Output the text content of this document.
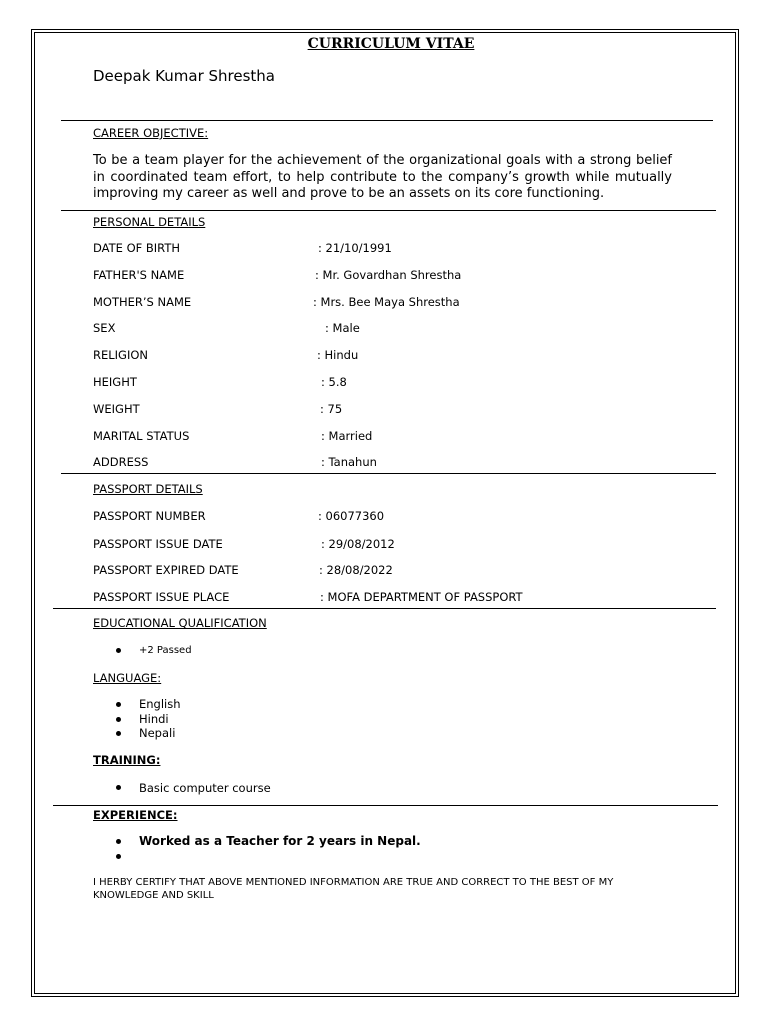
CURRICULUM VITAE
Deepak Kumar Shrestha
CAREER OBJECTIVE:
To be a team player for the achievement of the organizational goals with a strong belief in coordinated team effort, to help contribute to the company’s growth while mutually improving my career as well and prove to be an assets on its core functioning.
PERSONAL DETAILS
DATE OF BIRTH	: 21/10/1991
FATHER'S NAME	: Mr. Govardhan Shrestha
MOTHER’S NAME	: Mrs. Bee Maya Shrestha
SEX	: Male
RELIGION	: Hindu
HEIGHT	: 5.8
WEIGHT	: 75
MARITAL STATUS	: Married
ADDRESS	: Tanahun
PASSPORT DETAILS
PASSPORT NUMBER	: 06077360
PASSPORT ISSUE DATE	: 29/08/2012
PASSPORT EXPIRED DATE	: 28/08/2022
PASSPORT ISSUE PLACE	: MOFA DEPARTMENT OF PASSPORT
EDUCATIONAL QUALIFICATION
+2 Passed
LANGUAGE:
English
Hindi
Nepali
TRAINING:
Basic computer course
EXPERIENCE:
Worked as a Teacher for 2 years in Nepal.
I HERBY CERTIFY THAT ABOVE MENTIONED INFORMATION ARE TRUE AND CORRECT TO THE BEST OF MY
KNOWLEDGE AND SKILL
